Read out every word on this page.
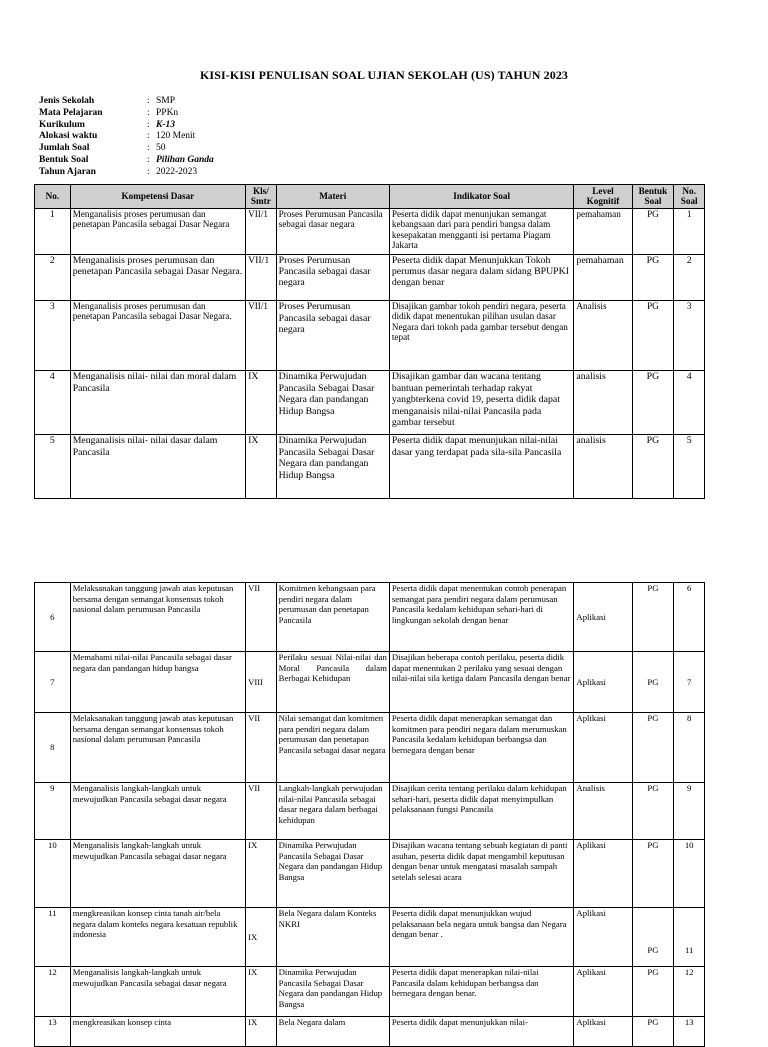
KISI-KISI PENULISAN SOAL UJIAN SEKOLAH (US) TAHUN 2023
Jenis Sekolah	: SMP
Mata Pelajaran	: PPKn
Kurikulum	: K-13
Alokasi waktu	: 120 Menit
Jumlah Soal	: 50
Bentuk Soal	: Pilihan Ganda
Tahun Ajaran	: 2022-2023
No.	Kompetensi Dasar	Kls/ Smtr	Materi	Indikator Soal	Level Kognitif	Bentuk Soal	No. Soal
1	Menganalisis proses perumusan dan penetapan Pancasila sebagai Dasar Negara	VII/1	Proses Perumusan Pancasila sebagai dasar negara	Peserta didik dapat menunjukan semangat kebangsaan dari para pendiri bangsa dalam kesepakatan mengganti isi pertama Piagam Jakarta	pemahaman	PG	1
2	Menganalisis proses perumusan dan penetapan Pancasila sebagai Dasar Negara.	VII/1	Proses Perumusan Pancasila sebagai dasar negara	Peserta didik dapat Menunjukkan Tokoh perumus dasar negara dalam sidang BPUPKI dengan benar	pemahaman	PG	2
3	Menganalisis proses perumusan dan penetapan Pancasila sebagai Dasar Negara.	VII/1	Proses Perumusan Pancasila sebagai dasar negara	Disajikan gambar tokoh pendiri negara, peserta didik dapat menentukan pilihan usulan dasar Negara dari tokoh pada gambar tersebut dengan tepat	Analisis	PG	3
4	Menganalisis nilai- nilai dan moral dalam Pancasila	IX	Dinamika Perwujudan Pancasila Sebagai Dasar Negara dan pandangan Hidup Bangsa	Disajikan gambar dan wacana tentang bantuan pemerintah terhadap rakyat yangbterkena covid 19, peserta didik dapat menganaisis nilai-nilai Pancasila pada gambar tersebut	analisis	PG	4
5	Menganalisis nilai- nilai dasar dalam Pancasila	IX	Dinamika Perwujudan Pancasila Sebagai Dasar Negara dan pandangan Hidup Bangsa	Peserta didik dapat menunjukan nilai-nilai dasar yang terdapat pada sila-sila Pancasila	analisis	PG	5
6	Melaksanakan tanggung jawab atas keputusan bersama dengan semangat konsensus tokoh nasional dalam perumusan Pancasila	VII	Komitmen kebangsaan para pendiri negara dalam perumusan dan penetapan Pancasila	Peserta didik dapat menentukan contoh penerapan semangat para pendiri negara dalam perumusan Pancasila kedalam kehidupan sehari-hari di lingkungan sekolah dengan benar	Aplikasi	PG	6
7	Memahami nilai-nilai Pancasila sebagai dasar negara dan pandangan hidup bangsa	VIII	Perilaku sesuai Nilai-nilai dan Moral Pancasila dalam Berbagai Kehidupan	Disajikan beberapa contoh perilaku, peserta didik dapat menentukan 2 perilaku yang sesuai dengan nilai-nilai sila ketiga dalam Pancasila dengan benar	Aplikasi	PG	7
8	Melaksanakan tanggung jawab atas keputusan bersama dengan semangat konsensus tokoh nasional dalam perumusan Pancasila	VII	Nilai semangat dan komitmen para pendiri negara dalam perumusan dan penetapan Pancasila sebagai dasar negara	Peserta didik dapat menerapkan semangat dan komitmen para pendiri negara dalam merumuskan Pancasila kedalam kehidupan berbangsa dan bernegara dengan benar	Aplikasi	PG	8
9	Menganalisis langkah-langkah untuk mewujudkan Pancasila sebagai dasar negara	VII	Langkah-langkah perwujudan nilai-nilai Pancasila sebagai dasar negara dalam berbagai kehidupan	Disajikan cerita tentang perilaku dalam kehidupan sehari-hari, peserta didik dapat menyimpulkan pelaksanaan fungsi Pancasila	Analisis	PG	9
10	Menganalisis langkah-langkah untuk mewujudkan Pancasila sebagai dasar negara	IX	Dinamika Perwujudan Pancasila Sebagai Dasar Negara dan pandangan Hidup Bangsa	Disajikan wacana tentang sebuah kegiatan di panti asuhan, peserta didik dapat mengambil keputusan dengan benar untuk mengatasi masalah sampah setelah selesai acara	Aplikasi	PG	10
11	mengkreasikan konsep cinta tanah air/bela negara dalam konteks negara kesatuan republik indonesia	IX	Bela Negara dalam Konteks NKRI	Peserta didik dapat menunjukkan wujud pelaksanaan bela negara untuk bangsa dan Negara dengan benar .	Aplikasi	PG	11
12	Menganalisis langkah-langkah untuk mewujudkan Pancasila sebagai dasar negara	IX	Dinamika Perwujudan Pancasila Sebagai Dasar Negara dan pandangan Hidup Bangsa	Peserta didik dapat menerapkan nilai-nilai Pancasila dalam kehidupan berbangsa dan bernegara dengan benar.	Aplikasi	PG	12
13	mengkreasikan konsep cinta	IX	Bela Negara dalam	Peserta didik dapat menunjukkan nilai-	Aplikasi	PG	13
